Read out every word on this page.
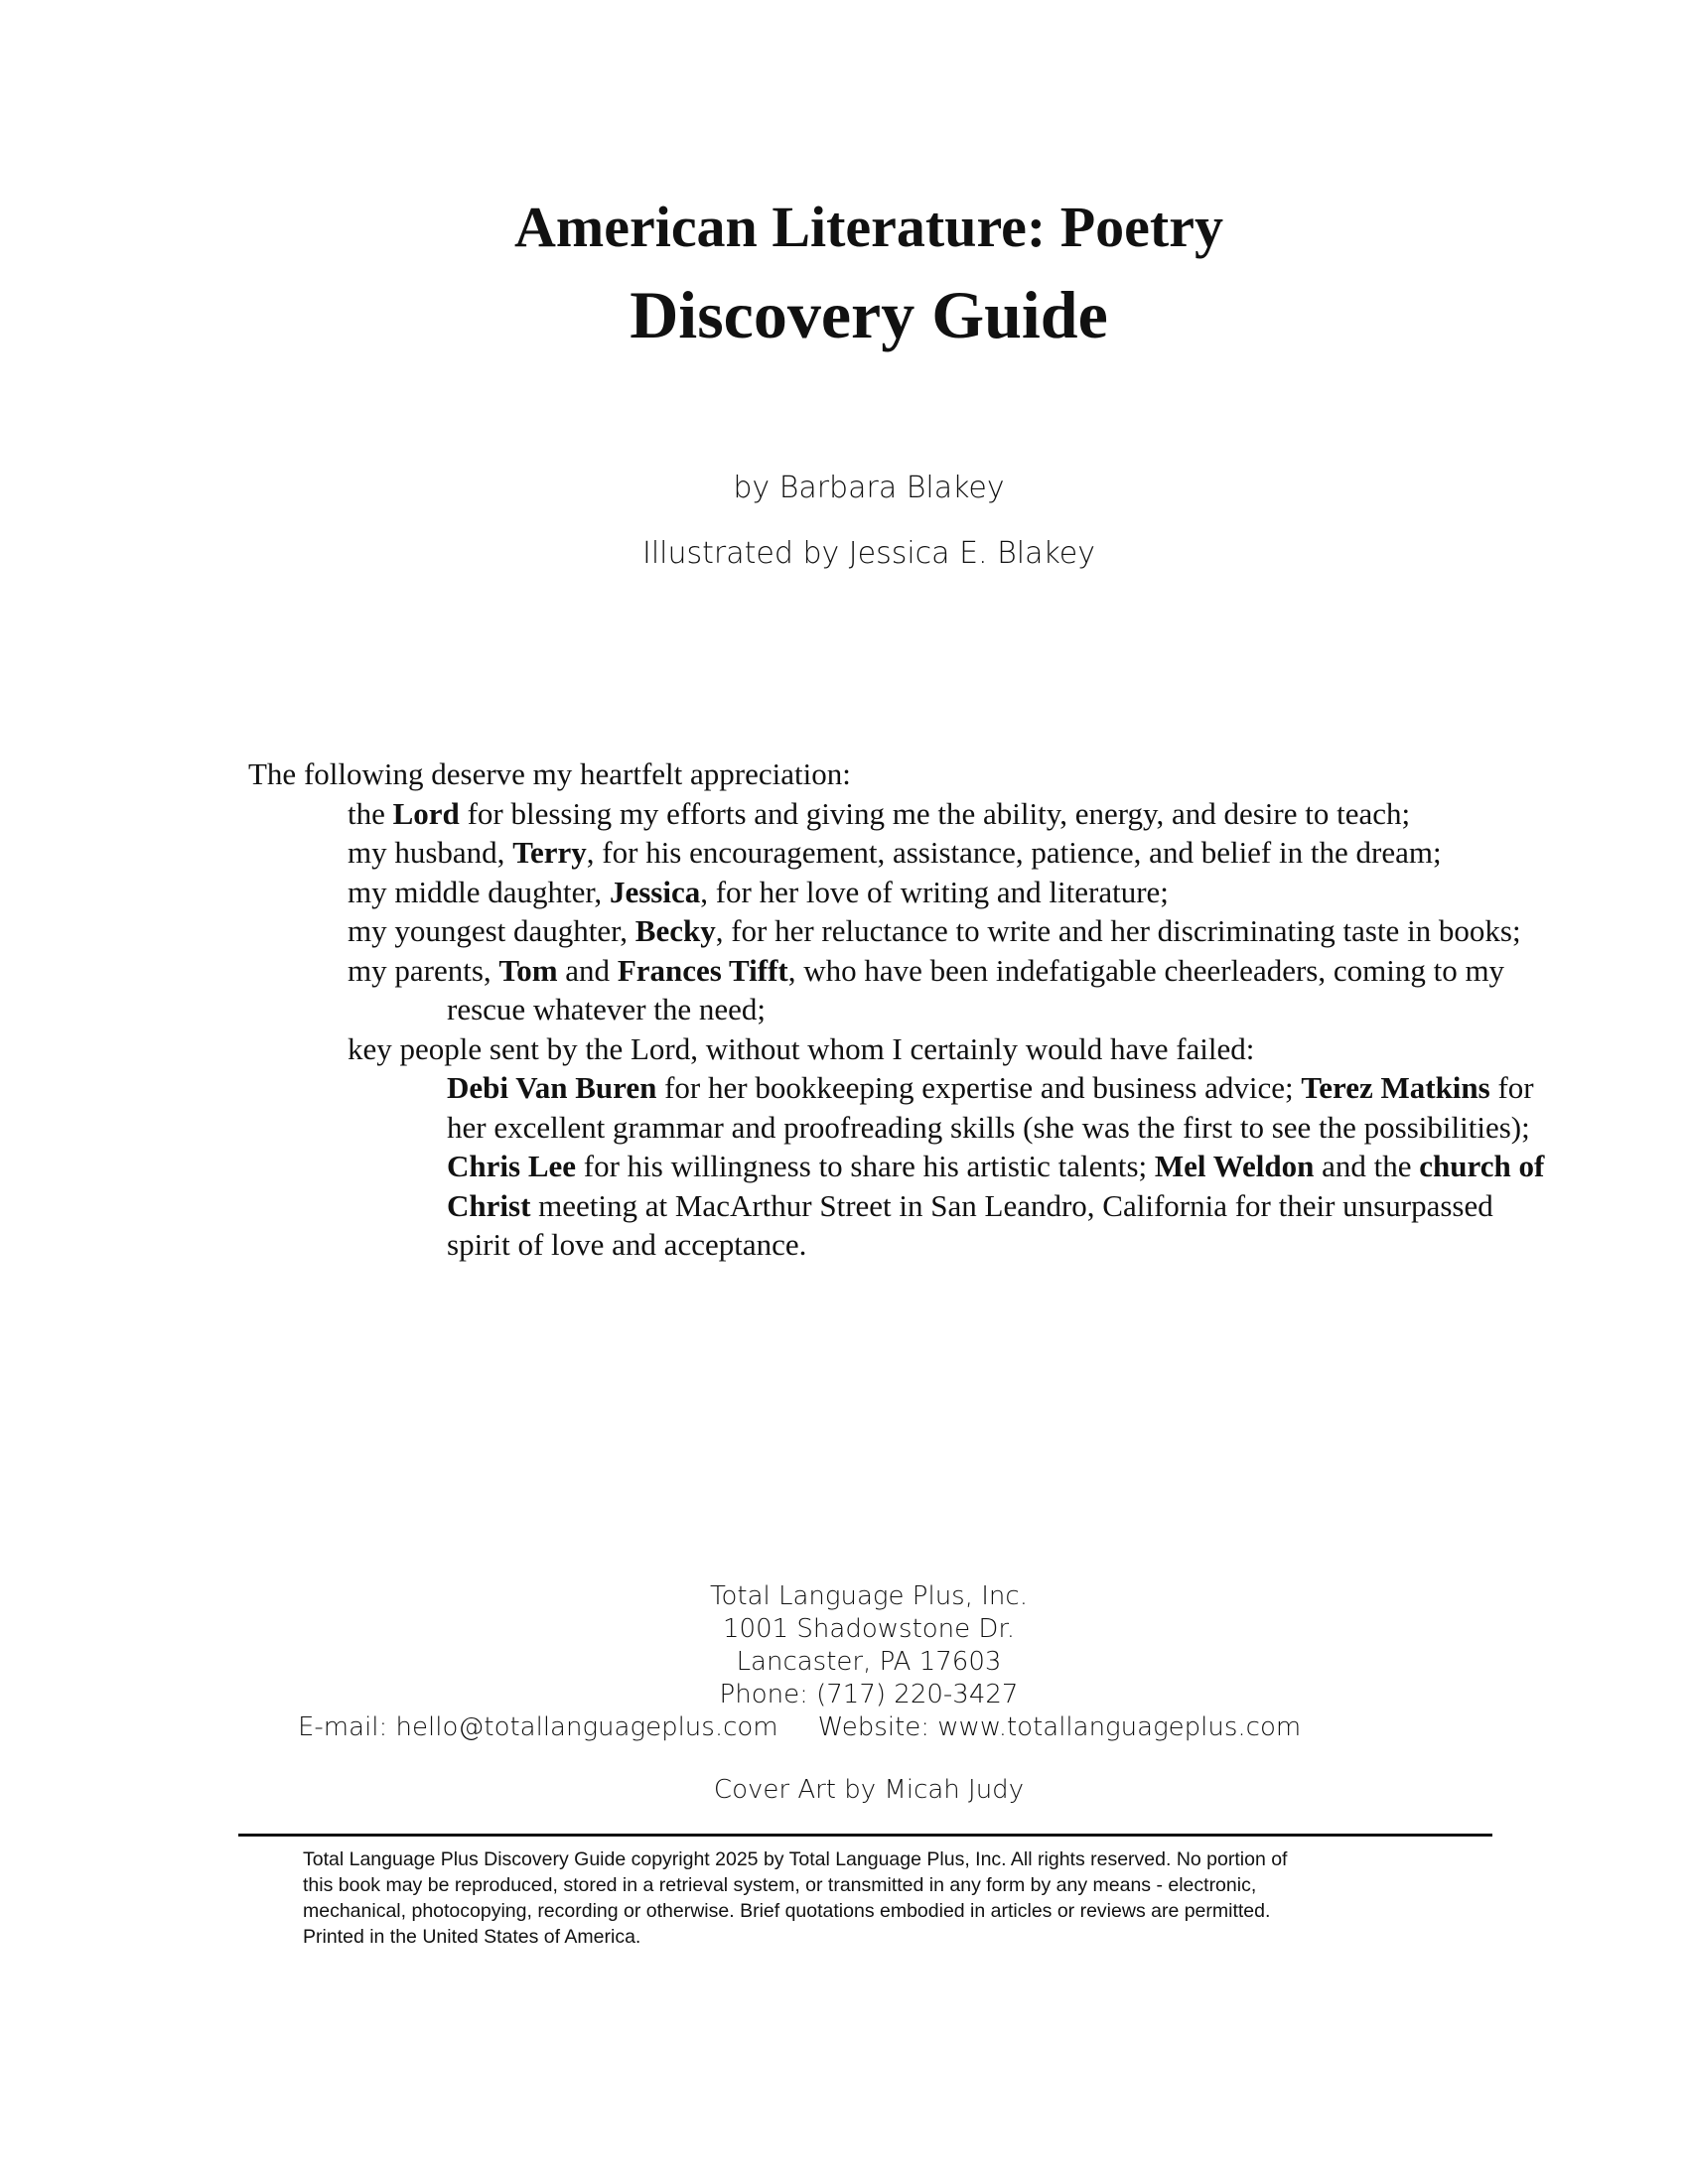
American Literature: Poetry
Discovery Guide
by Barbara Blakey
Illustrated by Jessica E. Blakey

The following deserve my heartfelt appreciation:

the Lord for blessing my efforts and giving me the ability, energy, and desire to teach;

my husband, Terry, for his encouragement, assistance, patience, and belief in the dream;

my middle daughter, Jessica, for her love of writing and literature;

my youngest daughter, Becky, for her reluctance to write and her discriminating taste in books;

my parents, Tom and Frances Tifft, who have been indefatigable cheerleaders, coming to my rescue whatever the need;

key people sent by the Lord, without whom I certainly would have failed:

Debi Van Buren for her bookkeeping expertise and business advice; Terez Matkins for her excellent grammar and proofreading skills (she was the first to see the possibilities); Chris Lee for his willingness to share his artistic talents; Mel Weldon and the church of Christ meeting at MacArthur Street in San Leandro, California for their unsurpassed spirit of love and acceptance.

Total Language Plus, Inc.
1001 Shadowstone Dr.
Lancaster, PA 17603
Phone: (717) 220-3427
E-mail: hello@totallanguageplus.com Website: www.totallanguageplus.com
Cover Art by Micah Judy
Total Language Plus Discovery Guide copyright 2025 by Total Language Plus, Inc. All rights reserved. No portion of
this book may be reproduced, stored in a retrieval system, or transmitted in any form by any means - electronic,
mechanical, photocopying, recording or otherwise. Brief quotations embodied in articles or reviews are permitted.
Printed in the United States of America.
